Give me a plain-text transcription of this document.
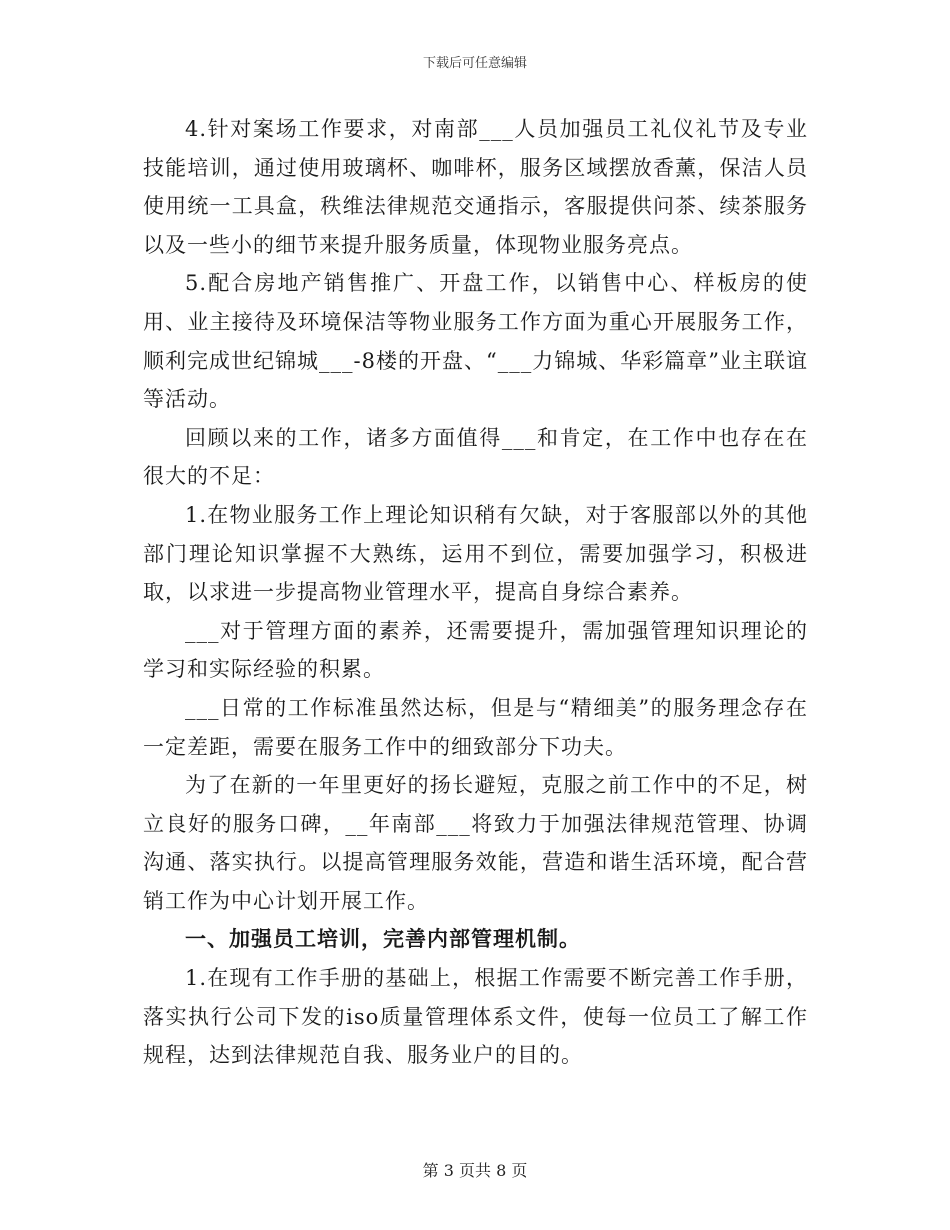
下载后可任意编辑

4.针对案场工作要求，对南部___人员加强员工礼仪礼节及专业技能培训，通过使用玻璃杯、咖啡杯，服务区域摆放香薰，保洁人员使用统一工具盒，秩维法律规范交通指示，客服提供问茶、续茶服务以及一些小的细节来提升服务质量，体现物业服务亮点。

5.配合房地产销售推广、开盘工作，以销售中心、样板房的使用、业主接待及环境保洁等物业服务工作方面为重心开展服务工作，顺利完成世纪锦城___-8楼的开盘、“___力锦城、华彩篇章”业主联谊等活动。

回顾以来的工作，诸多方面值得___和肯定，在工作中也存在在很大的不足：

1.在物业服务工作上理论知识稍有欠缺，对于客服部以外的其他部门理论知识掌握不大熟练，运用不到位，需要加强学习，积极进取，以求进一步提高物业管理水平，提高自身综合素养。

___对于管理方面的素养，还需要提升，需加强管理知识理论的学习和实际经验的积累。

___日常的工作标准虽然达标，但是与“精细美”的服务理念存在一定差距，需要在服务工作中的细致部分下功夫。

为了在新的一年里更好的扬长避短，克服之前工作中的不足，树立良好的服务口碑，__年南部___将致力于加强法律规范管理、协调沟通、落实执行。以提高管理服务效能，营造和谐生活环境，配合营销工作为中心计划开展工作。

一、加强员工培训，完善内部管理机制。

1.在现有工作手册的基础上，根据工作需要不断完善工作手册，落实执行公司下发的iso质量管理体系文件，使每一位员工了解工作规程，达到法律规范自我、服务业户的目的。

第 3 页共 8 页
